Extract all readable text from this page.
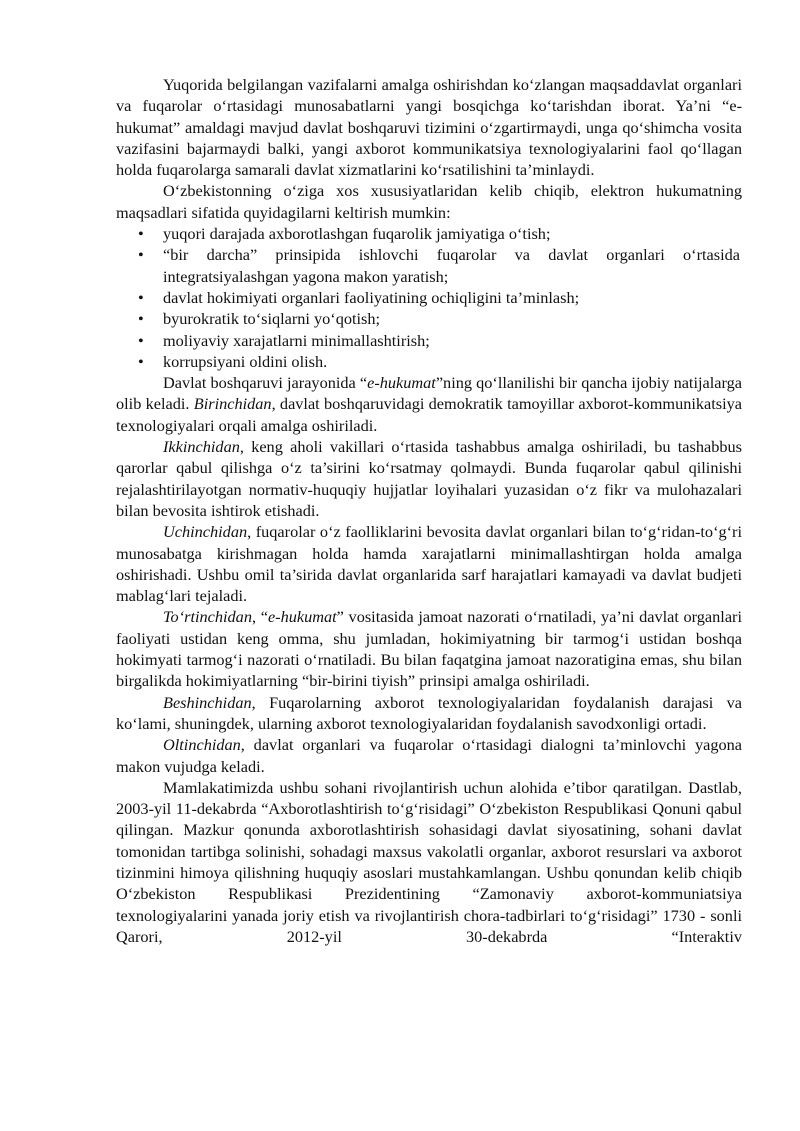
Yuqorida belgilangan vazifalarni amalga oshirishdan ko‘zlangan maqsaddavlat organlari va fuqarolar o‘rtasidagi munosabatlarni yangi bosqichga ko‘tarishdan iborat. Ya’ni “e-hukumat” amaldagi mavjud davlat boshqaruvi tizimini o‘zgartirmaydi, unga qo‘shimcha vosita vazifasini bajarmaydi balki, yangi axborot kommunikatsiya texnologiyalarini faol qo‘llagan holda fuqarolarga samarali davlat xizmatlarini ko‘rsatilishini ta’minlaydi.

O‘zbekistonning o‘ziga xos xususiyatlaridan kelib chiqib, elektron hukumatning maqsadlari sifatida quyidagilarni keltirish mumkin:

• yuqori darajada axborotlashgan fuqarolik jamiyatiga o‘tish;
• “bir darcha” prinsipida ishlovchi fuqarolar va davlat organlari o‘rtasida integratsiyalashgan yagona makon yaratish;
• davlat hokimiyati organlari faoliyatining ochiqligini ta’minlash;
• byurokratik to‘siqlarni yo‘qotish;
• moliyaviy xarajatlarni minimallashtirish;
• korrupsiyani oldini olish.

Davlat boshqaruvi jarayonida “e-hukumat”ning qo‘llanilishi bir qancha ijobiy natijalarga olib keladi. Birinchidan, davlat boshqaruvidagi demokratik tamoyillar axborot-kommunikatsiya texnologiyalari orqali amalga oshiriladi.

Ikkinchidan, keng aholi vakillari o‘rtasida tashabbus amalga oshiriladi, bu tashabbus qarorlar qabul qilishga o‘z ta’sirini ko‘rsatmay qolmaydi. Bunda fuqarolar qabul qilinishi rejalashtirilayotgan normativ-huquqiy hujjatlar loyihalari yuzasidan o‘z fikr va mulohazalari bilan bevosita ishtirok etishadi.

Uchinchidan, fuqarolar o‘z faolliklarini bevosita davlat organlari bilan to‘g‘ridan-to‘g‘ri munosabatga kirishmagan holda hamda xarajatlarni minimallashtirgan holda amalga oshirishadi. Ushbu omil ta’sirida davlat organlarida sarf harajatlari kamayadi va davlat budjeti mablag‘lari tejaladi.

To‘rtinchidan, “e-hukumat” vositasida jamoat nazorati o‘rnatiladi, ya’ni davlat organlari faoliyati ustidan keng omma, shu jumladan, hokimiyatning bir tarmog‘i ustidan boshqa hokimyati tarmog‘i nazorati o‘rnatiladi. Bu bilan faqatgina jamoat nazoratigina emas, shu bilan birgalikda hokimiyatlarning “bir-birini tiyish” prinsipi amalga oshiriladi.

Beshinchidan, Fuqarolarning axborot texnologiyalaridan foydalanish darajasi va ko‘lami, shuningdek, ularning axborot texnologiyalaridan foydalanish savodxonligi ortadi.

Oltinchidan, davlat organlari va fuqarolar o‘rtasidagi dialogni ta’minlovchi yagona makon vujudga keladi.

Mamlakatimizda ushbu sohani rivojlantirish uchun alohida e’tibor qaratilgan. Dastlab, 2003-yil 11-dekabrda “Axborotlashtirish to‘g‘risidagi” O‘zbekiston Respublikasi Qonuni qabul qilingan. Mazkur qonunda axborotlashtirish sohasidagi davlat siyosatining, sohani davlat tomonidan tartibga solinishi, sohadagi maxsus vakolatli organlar, axborot resurslari va axborot tizinmini himoya qilishning huquqiy asoslari mustahkamlangan. Ushbu qonundan kelib chiqib O‘zbekiston Respublikasi Prezidentining “Zamonaviy axborot-kommuniatsiya texnologiyalarini yanada joriy etish va rivojlantirish chora-tadbirlari to‘g‘risidagi” 1730 - sonli Qarori, 2012-yil 30-dekabrda “Interaktiv
